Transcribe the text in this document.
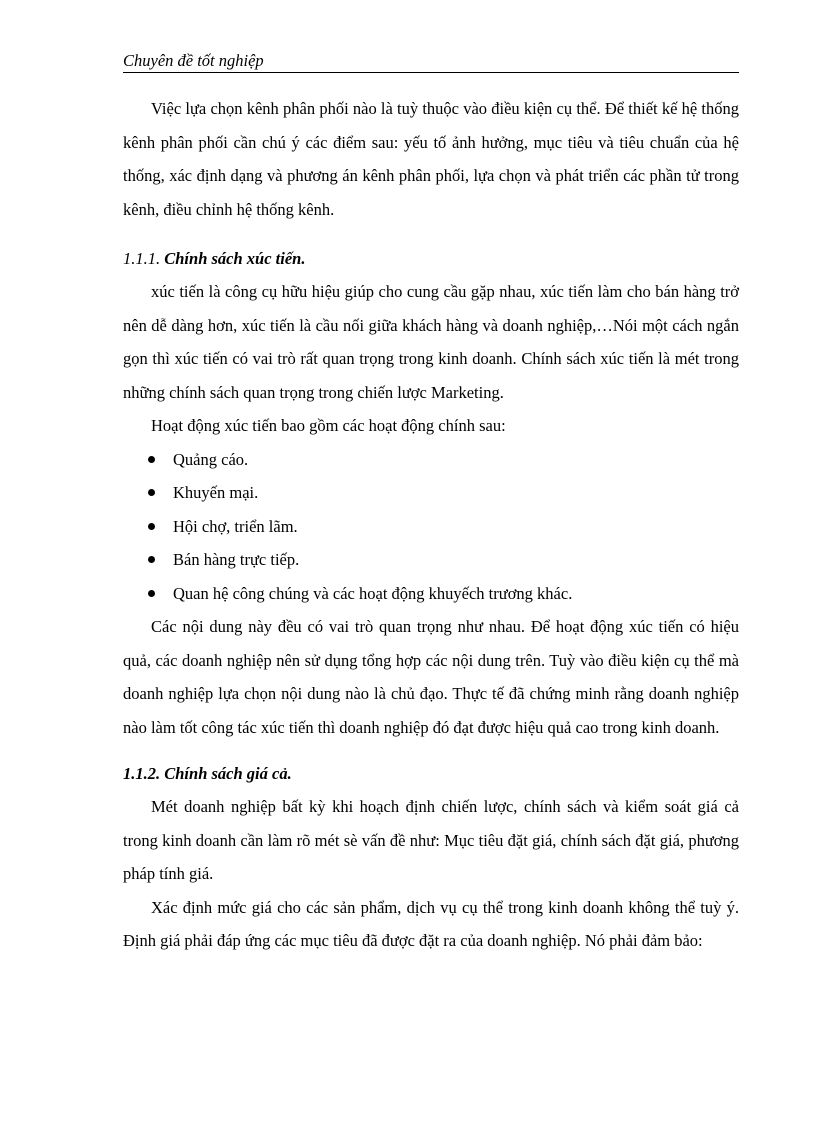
Chuyên đề tốt nghiệp

Việc lựa chọn kênh phân phối nào là tuỳ thuộc vào điều kiện cụ thể. Để thiết kế hệ thống kênh phân phối cần chú ý các điểm sau: yếu tố ảnh hưởng, mục tiêu và tiêu chuẩn của hệ thống, xác định dạng và phương án kênh phân phối, lựa chọn và phát triển các phần tử trong kênh, điều chỉnh hệ thống kênh.

1.1.1. Chính sách xúc tiến.

xúc tiến là công cụ hữu hiệu giúp cho cung cầu gặp nhau, xúc tiến làm cho bán hàng trở nên dễ dàng hơn, xúc tiến là cầu nối giữa khách hàng và doanh nghiệp,…Nói một cách ngắn gọn thì xúc tiến có vai trò rất quan trọng trong kinh doanh. Chính sách xúc tiến là mét trong những chính sách quan trọng trong chiến lược Marketing.

Hoạt động xúc tiến bao gồm các hoạt động chính sau:

Quảng cáo.
Khuyến mại.
Hội chợ, triển lãm.
Bán hàng trực tiếp.
Quan hệ công chúng và các hoạt động khuyếch trương khác.

Các nội dung này đều có vai trò quan trọng như nhau. Để hoạt động xúc tiến có hiệu quả, các doanh nghiệp nên sử dụng tổng hợp các nội dung trên. Tuỳ vào điều kiện cụ thể mà doanh nghiệp lựa chọn nội dung nào là chủ đạo. Thực tế đã chứng minh rằng doanh nghiệp nào làm tốt công tác xúc tiến thì doanh nghiệp đó đạt được hiệu quả cao trong kinh doanh.

1.1.2. Chính sách giá cả.

Mét doanh nghiệp bất kỳ khi hoạch định chiến lược, chính sách và kiểm soát giá cả trong kinh doanh cần làm rõ mét sè vấn đề như: Mục tiêu đặt giá, chính sách đặt giá, phương pháp tính giá.

Xác định mức giá cho các sản phẩm, dịch vụ cụ thể trong kinh doanh không thể tuỳ ý. Định giá phải đáp ứng các mục tiêu đã được đặt ra của doanh nghiệp. Nó phải đảm bảo:
